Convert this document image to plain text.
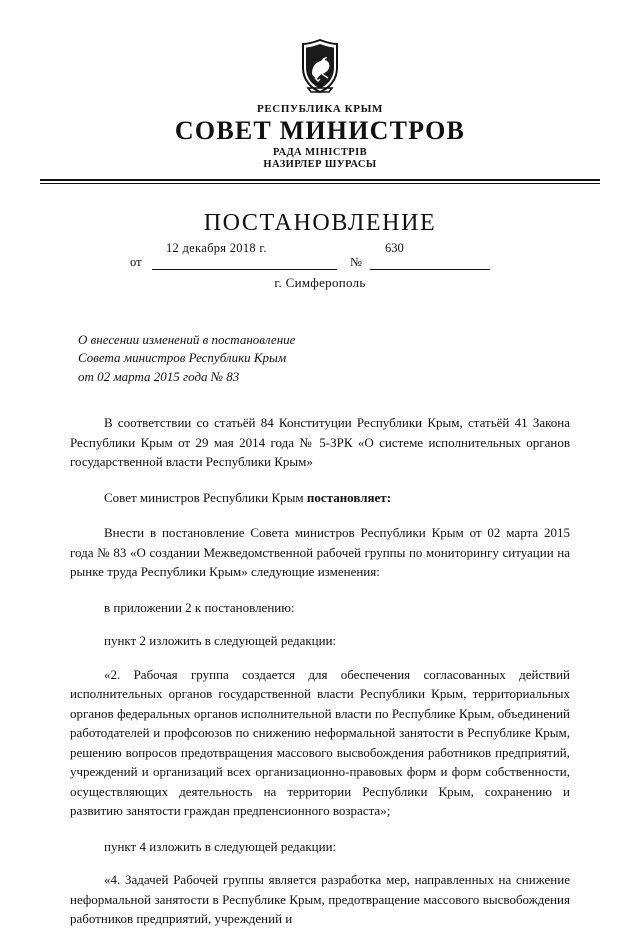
РЕСПУБЛИКА КРЫМ
СОВЕТ МИНИСТРОВ
РАДА МІНІСТРІВ
НАЗИРЛЕР ШУРАСЫ
ПОСТАНОВЛЕНИЕ
от
12 декабря 2018 г.
№
630
г. Симферополь
О внесении изменений в постановление
Совета министров Республики Крым
от 02 марта 2015 года № 83

В соответствии со статьёй 84 Конституции Республики Крым, статьёй 41 Закона Республики Крым от 29 мая 2014 года № 5-ЗРК «О системе исполнительных органов государственной власти Республики Крым»

Совет министров Республики Крым постановляет:

Внести в постановление Совета министров Республики Крым от 02 марта 2015 года № 83 «О создании Межведомственной рабочей группы по мониторингу ситуации на рынке труда Республики Крым» следующие изменения:

в приложении 2 к постановлению:

пункт 2 изложить в следующей редакции:

«2. Рабочая группа создается для обеспечения согласованных действий исполнительных органов государственной власти Республики Крым, территориальных органов федеральных органов исполнительной власти по Республике Крым, объединений работодателей и профсоюзов по снижению неформальной занятости в Республике Крым, решению вопросов предотвращения массового высвобождения работников предприятий, учреждений и организаций всех организационно-правовых форм и форм собственности, осуществляющих деятельность на территории Республики Крым, сохранению и развитию занятости граждан предпенсионного возраста»;

пункт 4 изложить в следующей редакции:

«4. Задачей Рабочей группы является разработка мер, направленных на снижение неформальной занятости в Республике Крым, предотвращение массового высвобождения работников предприятий, учреждений и
